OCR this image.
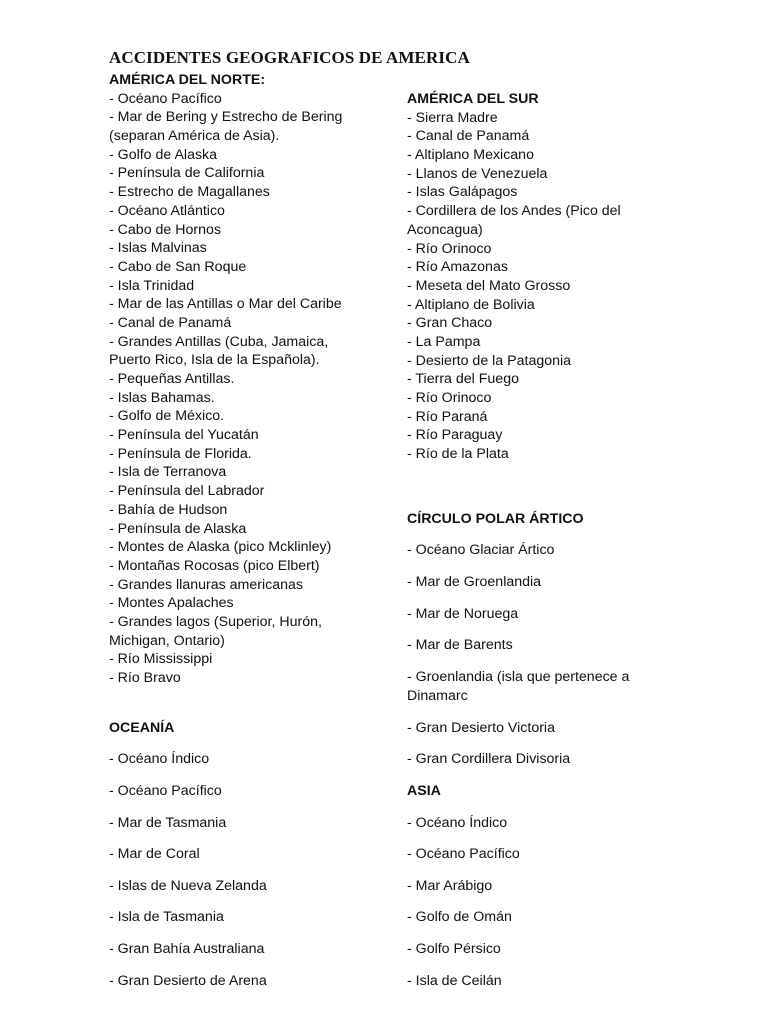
ACCIDENTES GEOGRAFICOS DE AMERICA
AMÉRICA DEL NORTE:
- Océano Pacífico
- Mar de Bering y Estrecho de Bering
(separan América de Asia).
- Golfo de Alaska
- Península de California
- Estrecho de Magallanes
- Océano Atlántico
- Cabo de Hornos
- Islas Malvinas
- Cabo de San Roque
- Isla Trinidad
- Mar de las Antillas o Mar del Caribe
- Canal de Panamá
- Grandes Antillas (Cuba, Jamaica,
Puerto Rico, Isla de la Española).
- Pequeñas Antillas.
- Islas Bahamas.
- Golfo de México.
- Península del Yucatán
- Península de Florida.
- Isla de Terranova
- Península del Labrador
- Bahía de Hudson
- Península de Alaska
- Montes de Alaska (pico Mcklinley)
- Montañas Rocosas (pico Elbert)
- Grandes llanuras americanas
- Montes Apalaches
- Grandes lagos (Superior, Hurón,
Michigan, Ontario)
- Río Mississippi
- Río Bravo
AMÉRICA DEL SUR
- Sierra Madre
- Canal de Panamá
- Altiplano Mexicano
- Llanos de Venezuela
- Islas Galápagos
- Cordillera de los Andes (Pico del
Aconcagua)
- Río Orinoco
- Río Amazonas
- Meseta del Mato Grosso
- Altiplano de Bolivia
- Gran Chaco
- La Pampa
- Desierto de la Patagonia
- Tierra del Fuego
- Río Orinoco
- Río Paraná
- Río Paraguay
- Río de la Plata
CÍRCULO POLAR ÁRTICO
- Océano Glaciar Ártico
- Mar de Groenlandia
- Mar de Noruega
- Mar de Barents
- Groenlandia (isla que pertenece a
Dinamarc
- Gran Desierto Victoria
- Gran Cordillera Divisoria
ASIA
- Océano Índico
- Océano Pacífico
- Mar Arábigo
- Golfo de Omán
- Golfo Pérsico
- Isla de Ceilán
OCEANÍA
- Océano Índico
- Océano Pacífico
- Mar de Tasmania
- Mar de Coral
- Islas de Nueva Zelanda
- Isla de Tasmania
- Gran Bahía Australiana
- Gran Desierto de Arena
